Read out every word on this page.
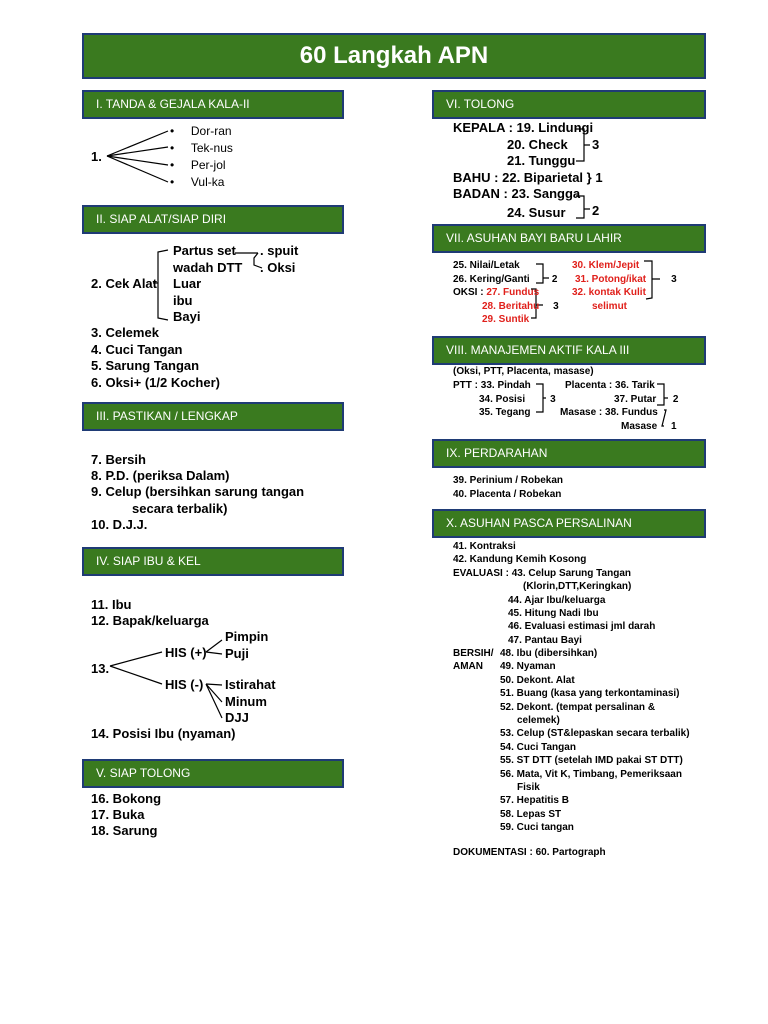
60 Langkah APN
I. TANDA & GEJALA KALA-II
1.
•     Dor-ran
•     Tek-nus
•     Per-jol
•     Vul-ka
II. SIAP ALAT/SIAP DIRI
2. Cek Alat
Partus set
wadah DTT
Luar
ibu
Bayi
. spuit
. Oksi
3. Celemek
4. Cuci Tangan
5. Sarung Tangan
6. Oksi+ (1/2 Kocher)
III. PASTIKAN / LENGKAP
7. Bersih
8. P.D. (periksa Dalam)
9. Celup (bersihkan sarung tangan
secara terbalik)
10. D.J.J.
IV. SIAP IBU & KEL
11. Ibu
12. Bapak/keluarga
13.
HIS (+)
Pimpin
Puji
HIS (-) Istirahat
Minum
DJJ
14. Posisi Ibu (nyaman)
V. SIAP TOLONG
16. Bokong
17. Buka
18. Sarung
VI. TOLONG
KEPALA : 19. Lindungi
20. Check
21. Tunggu
BAHU : 22. Biparietal } 1
BADAN : 23. Sangga
24. Susur
3
2
VII. ASUHAN BAYI BARU LAHIR
25. Nilai/Letak
26. Kering/Ganti 2
OKSI : 27. Fundus
28. Beritahu 3
29. Suntik
30. Klem/Jepit
31. Potong/ikat	3
32. kontak Kulit
selimut
VIII. MANAJEMEN AKTIF KALA III
(Oksi, PTT, Placenta, masase)
PTT : 33. Pindah
34. Posisi	3
35. Tegang
Placenta : 36. Tarik
37. Putar 2
Masase : 38. Fundus
Masase 1
IX. PERDARAHAN
39. Perinium / Robekan
40. Placenta / Robekan
X. ASUHAN PASCA PERSALINAN
41. Kontraksi
42. Kandung Kemih Kosong
EVALUASI : 43. Celup Sarung Tangan
(Klorin,DTT,Keringkan)
44. Ajar Ibu/keluarga
45. Hitung Nadi Ibu
46. Evaluasi estimasi jml darah
47. Pantau Bayi
BERSIH/
AMAN
48. Ibu (dibersihkan)
49. Nyaman
50. Dekont. Alat
51. Buang (kasa yang terkontaminasi)
52. Dekont. (tempat persalinan &
celemek)
53. Celup (ST&lepaskan secara terbalik)
54. Cuci Tangan
55. ST DTT (setelah IMD pakai ST DTT)
56. Mata, Vit K, Timbang, Pemeriksaan
Fisik
57. Hepatitis B
58. Lepas ST
59. Cuci tangan
DOKUMENTASI : 60. Partograph
